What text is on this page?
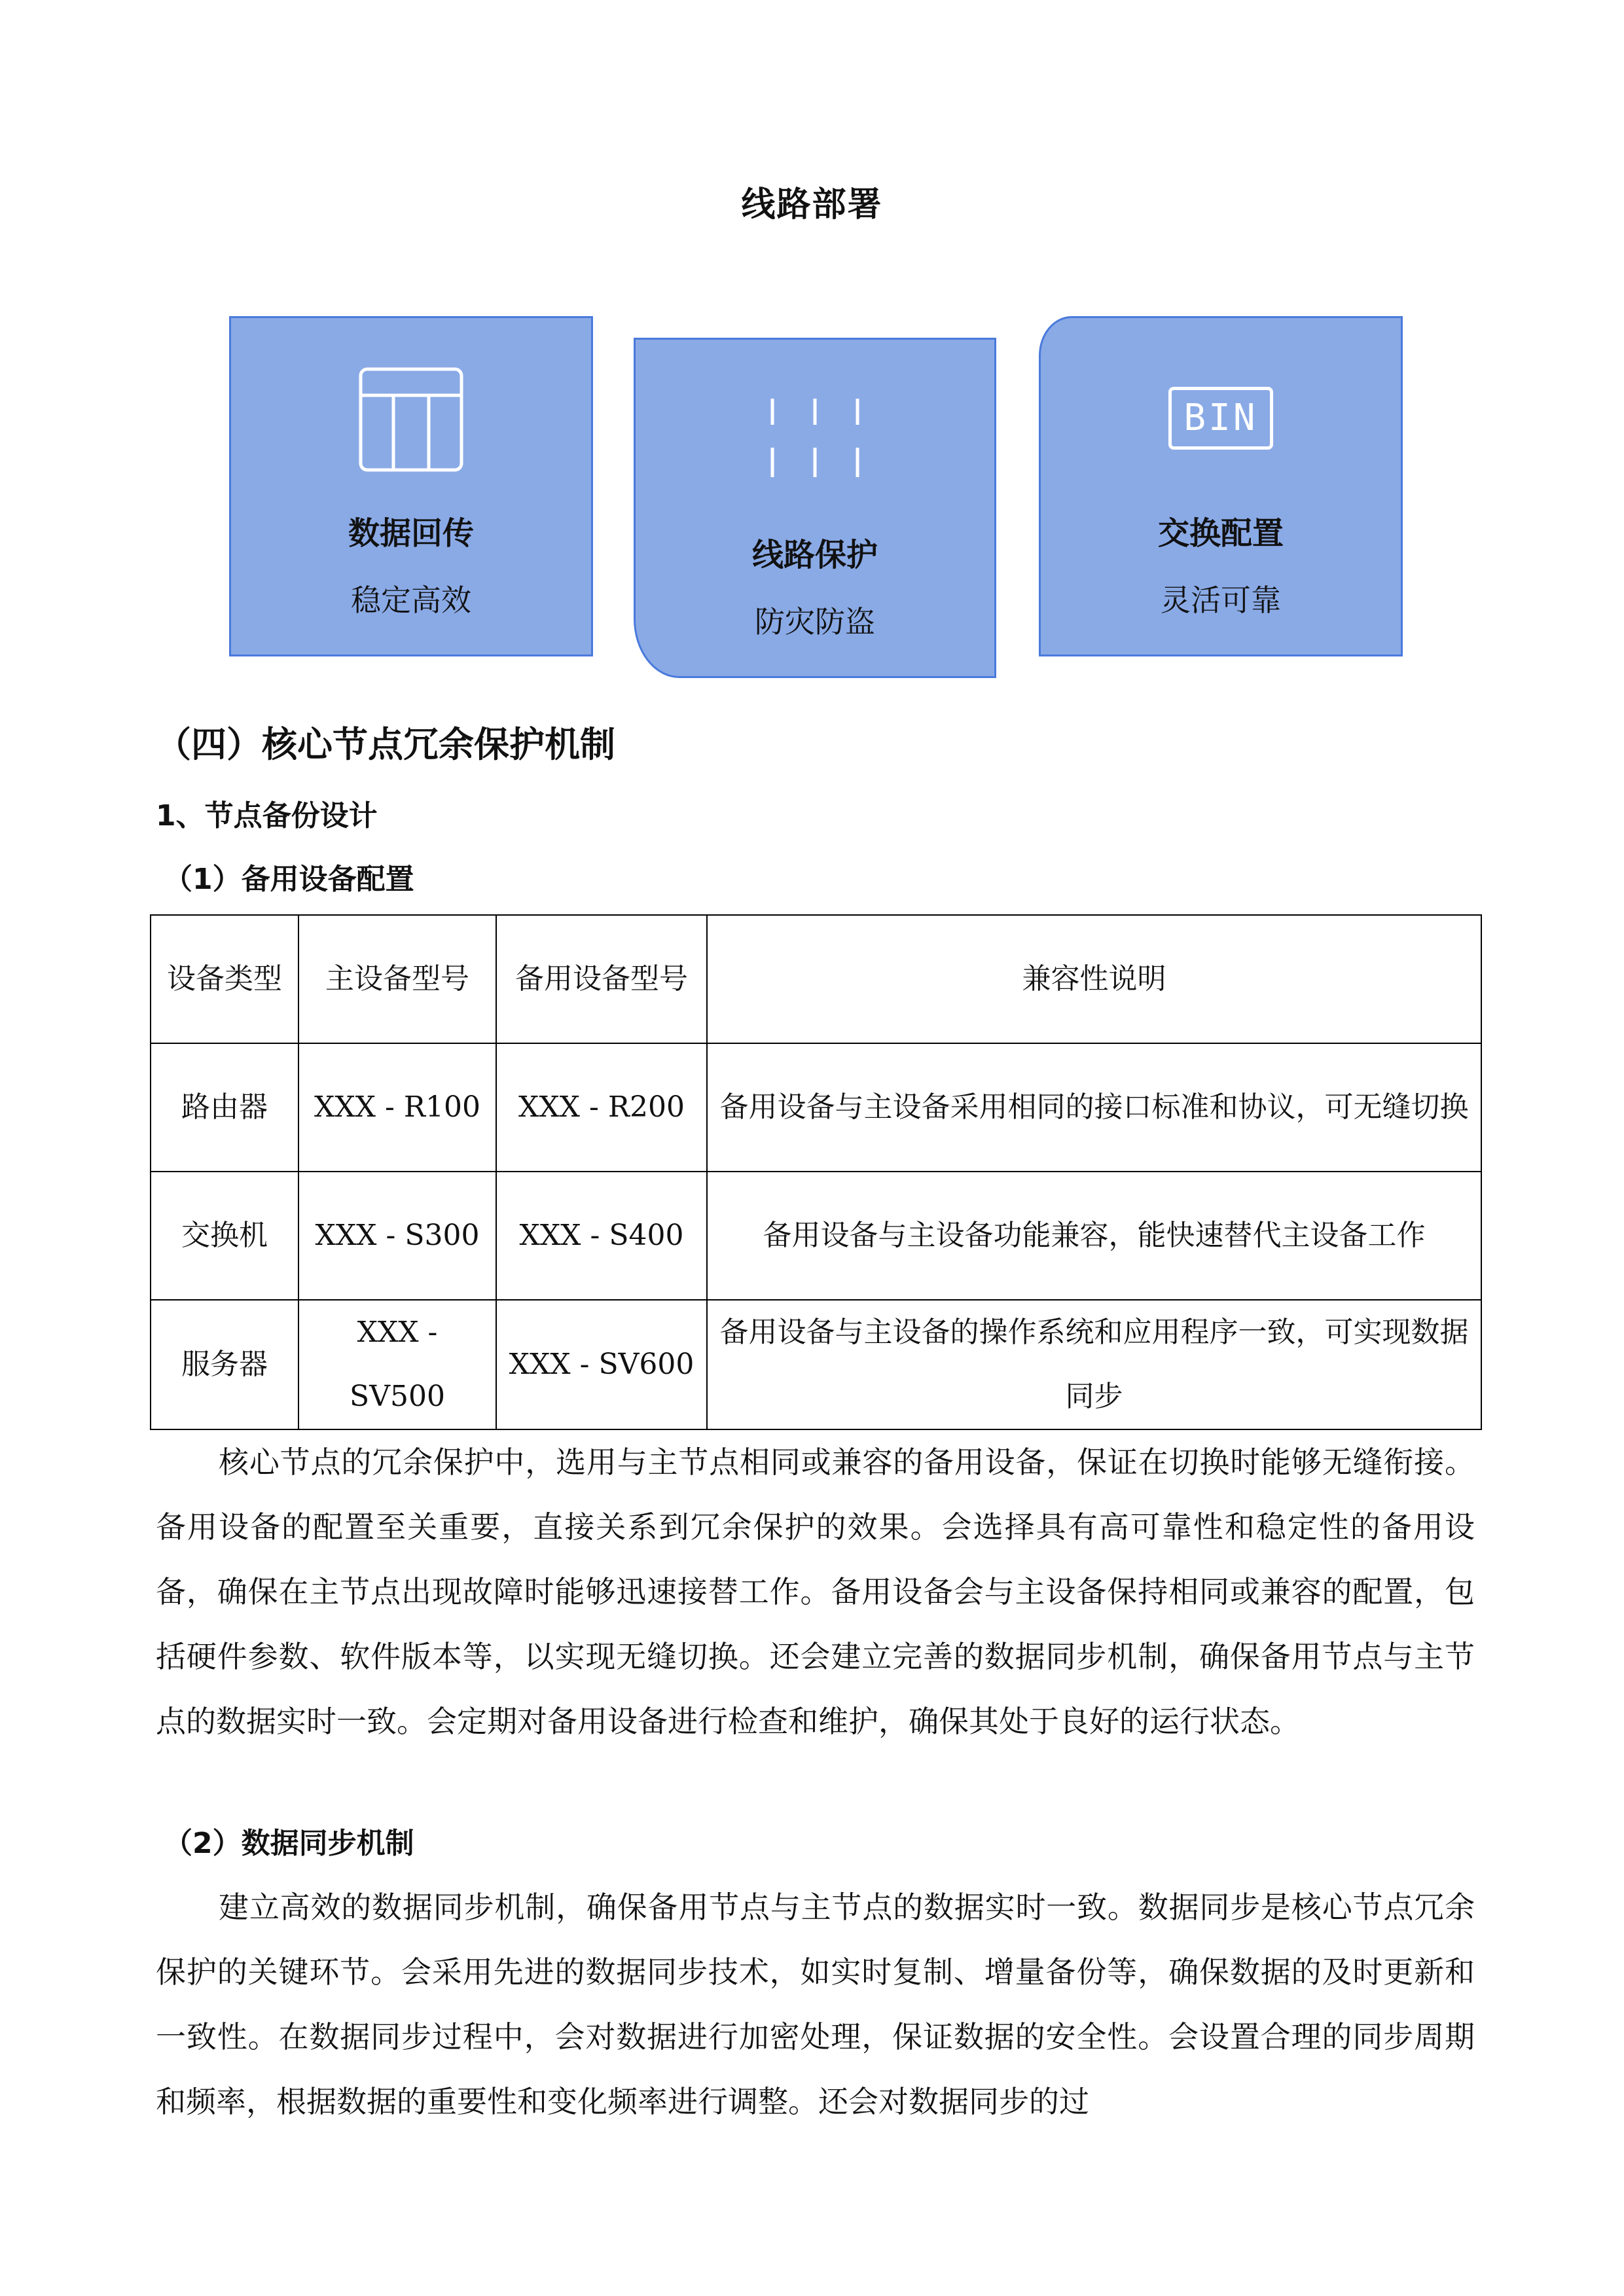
线路部署
数据回传
稳定高效
线路保护
防灾防盗
BIN
交换配置
灵活可靠
（四）核心节点冗余保护机制
1、节点备份设计
（1）备用设备配置
设备类型	主设备型号	备用设备型号	兼容性说明
路由器	XXX - R100	XXX - R200	备用设备与主设备采用相同的接口标准和协议，可无缝切换
交换机	XXX - S300	XXX - S400	备用设备与主设备功能兼容，能快速替代主设备工作
服务器	XXX - SV500	XXX - SV600	备用设备与主设备的操作系统和应用程序一致，可实现数据同步

核心节点的冗余保护中，选用与主节点相同或兼容的备用设备，保证在切换时能够无缝衔接。备用设备的配置至关重要，直接关系到冗余保护的效果。会选择具有高可靠性和稳定性的备用设备，确保在主节点出现故障时能够迅速接替工作。备用设备会与主设备保持相同或兼容的配置，包括硬件参数、软件版本等，以实现无缝切换。还会建立完善的数据同步机制，确保备用节点与主节点的数据实时一致。会定期对备用设备进行检查和维护，确保其处于良好的运行状态。

（2）数据同步机制

建立高效的数据同步机制，确保备用节点与主节点的数据实时一致。数据同步是核心节点冗余保护的关键环节。会采用先进的数据同步技术，如实时复制、增量备份等，确保数据的及时更新和一致性。在数据同步过程中，会对数据进行加密处理，保证数据的安全性。会设置合理的同步周期和频率，根据数据的重要性和变化频率进行调整。还会对数据同步的过
